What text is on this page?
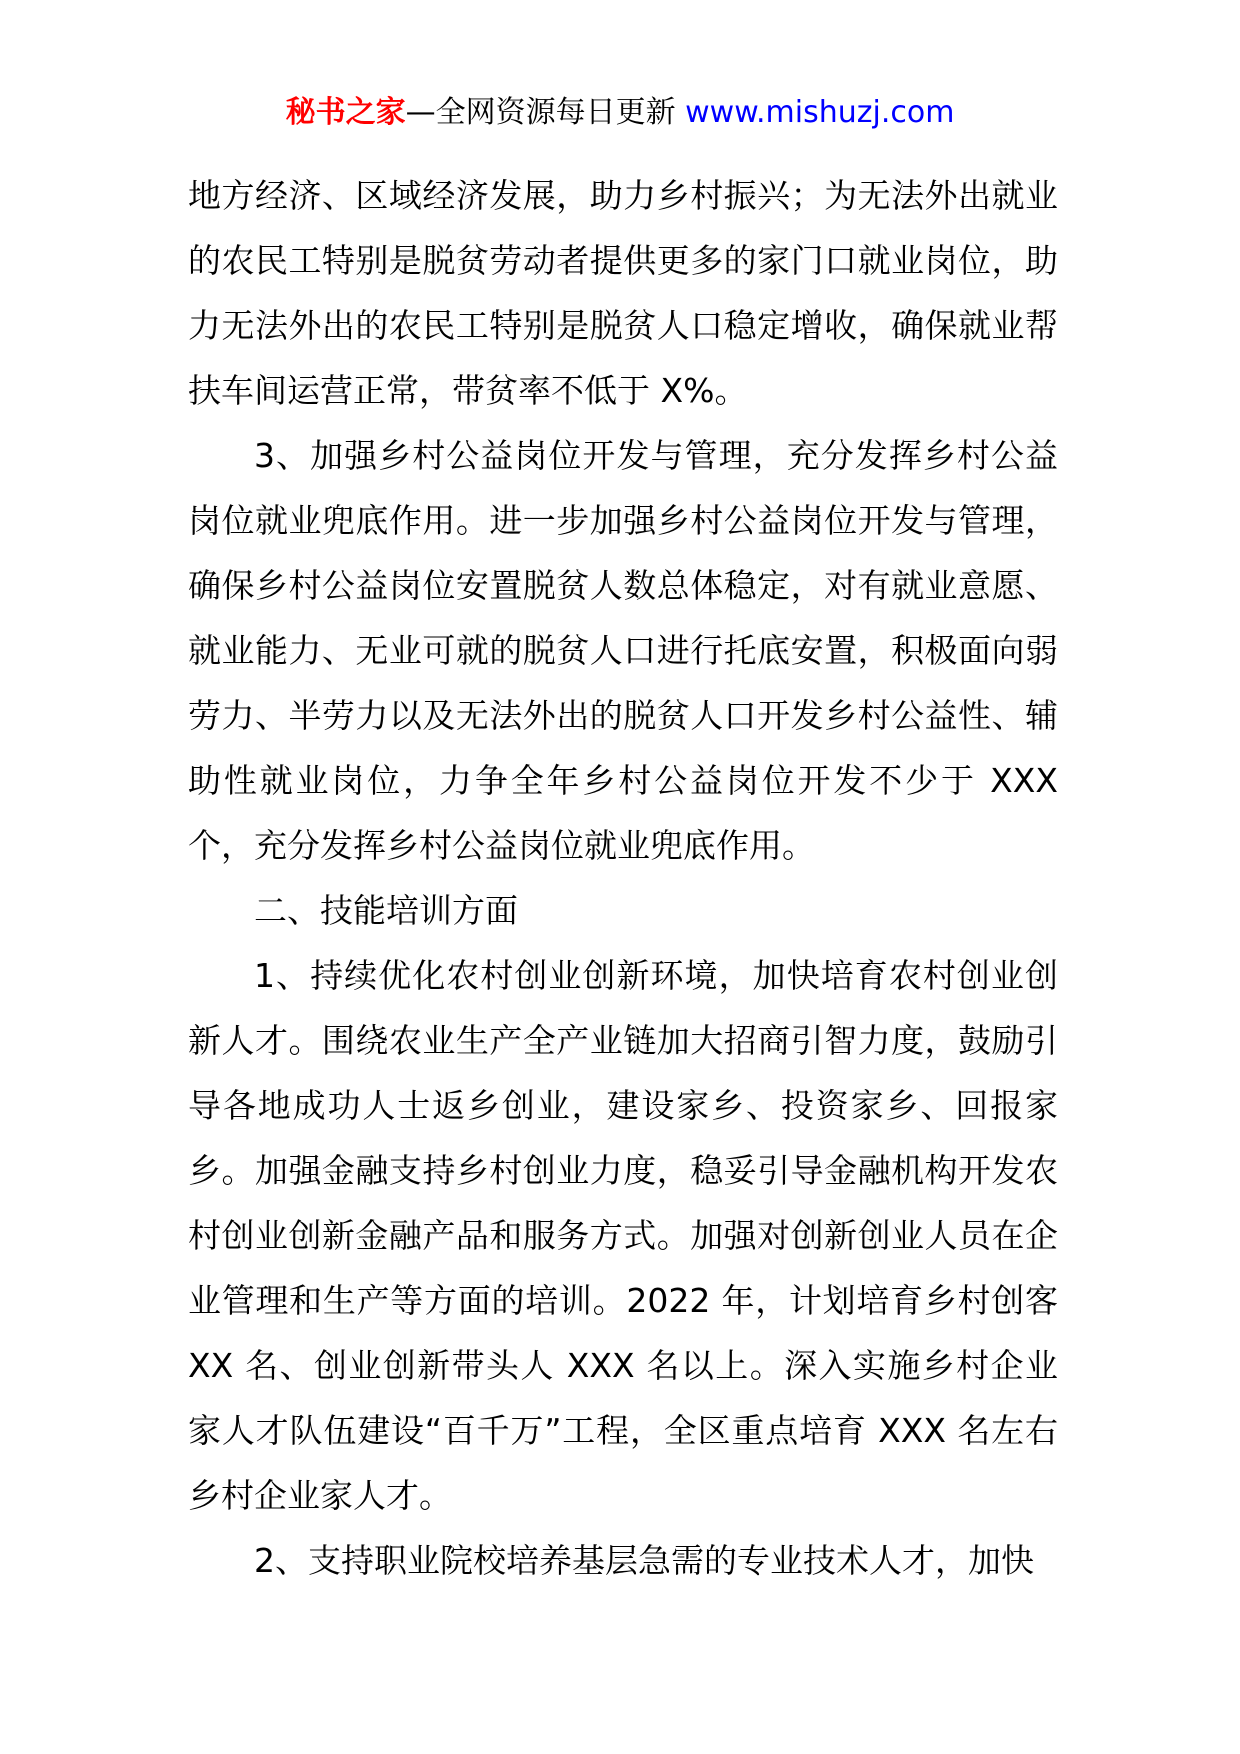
秘书之家—全网资源每日更新 www.mishuzj.com

地方经济、区域经济发展，助力乡村振兴；为无法外出就业的农民工特别是脱贫劳动者提供更多的家门口就业岗位，助力无法外出的农民工特别是脱贫人口稳定增收，确保就业帮扶车间运营正常，带贫率不低于 X%。

3、加强乡村公益岗位开发与管理，充分发挥乡村公益岗位就业兜底作用。进一步加强乡村公益岗位开发与管理，确保乡村公益岗位安置脱贫人数总体稳定，对有就业意愿、就业能力、无业可就的脱贫人口进行托底安置，积极面向弱劳力、半劳力以及无法外出的脱贫人口开发乡村公益性、辅助性就业岗位，力争全年乡村公益岗位开发不少于 XXX 个，充分发挥乡村公益岗位就业兜底作用。

二、技能培训方面

1、持续优化农村创业创新环境，加快培育农村创业创新人才。围绕农业生产全产业链加大招商引智力度，鼓励引导各地成功人士返乡创业，建设家乡、投资家乡、回报家乡。加强金融支持乡村创业力度，稳妥引导金融机构开发农村创业创新金融产品和服务方式。加强对创新创业人员在企业管理和生产等方面的培训。2022 年，计划培育乡村创客 XX 名、创业创新带头人 XXX 名以上。深入实施乡村企业家人才队伍建设“百千万”工程，全区重点培育 XXX 名左右乡村企业家人才。

2、支持职业院校培养基层急需的专业技术人才，加快
